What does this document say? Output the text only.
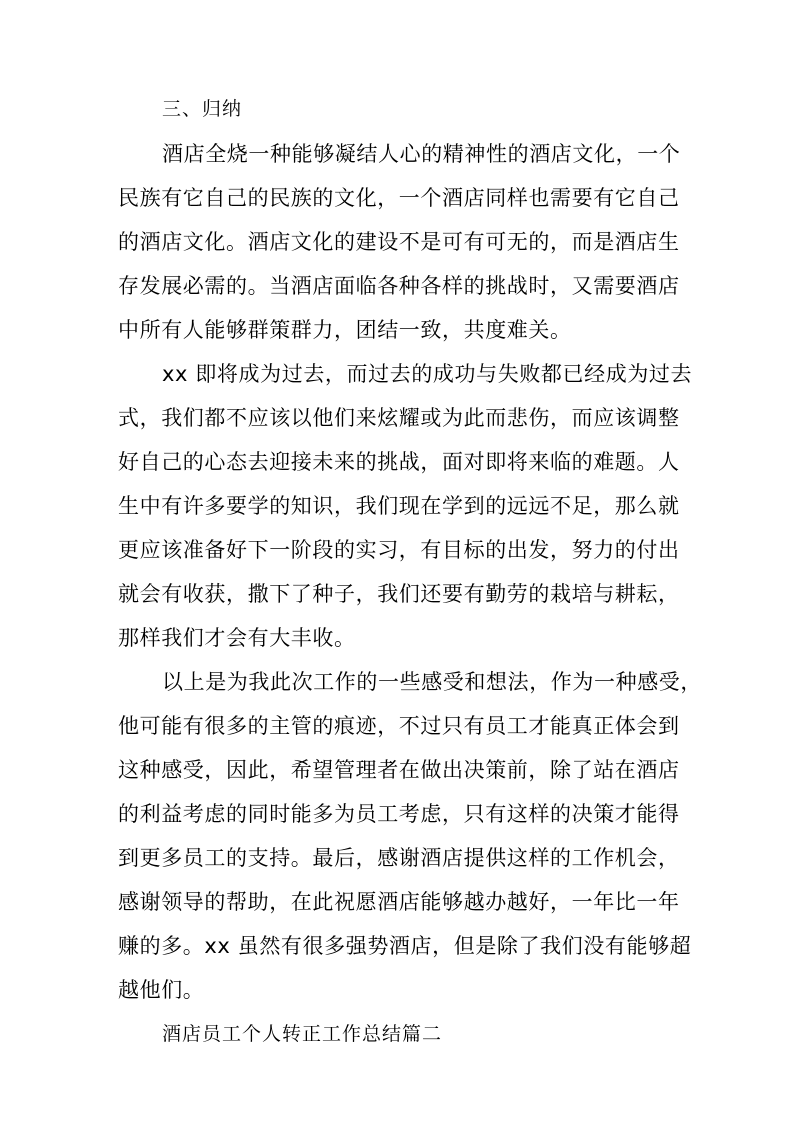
三、归纳

酒店全烧一种能够凝结人心的精神性的酒店文化，一个

民族有它自己的民族的文化，一个酒店同样也需要有它自己

的酒店文化。酒店文化的建设不是可有可无的，而是酒店生

存发展必需的。当酒店面临各种各样的挑战时，又需要酒店

中所有人能够群策群力，团结一致，共度难关。

xx 即将成为过去，而过去的成功与失败都已经成为过去

式，我们都不应该以他们来炫耀或为此而悲伤，而应该调整

好自己的心态去迎接未来的挑战，面对即将来临的难题。人

生中有许多要学的知识，我们现在学到的远远不足，那么就

更应该准备好下一阶段的实习，有目标的出发，努力的付出

就会有收获，撒下了种子，我们还要有勤劳的栽培与耕耘，

那样我们才会有大丰收。

以上是为我此次工作的一些感受和想法，作为一种感受，

他可能有很多的主管的痕迹，不过只有员工才能真正体会到

这种感受，因此，希望管理者在做出决策前，除了站在酒店

的利益考虑的同时能多为员工考虑，只有这样的决策才能得

到更多员工的支持。最后，感谢酒店提供这样的工作机会，

感谢领导的帮助，在此祝愿酒店能够越办越好，一年比一年

赚的多。xx 虽然有很多强势酒店，但是除了我们没有能够超

越他们。

酒店员工个人转正工作总结篇二
